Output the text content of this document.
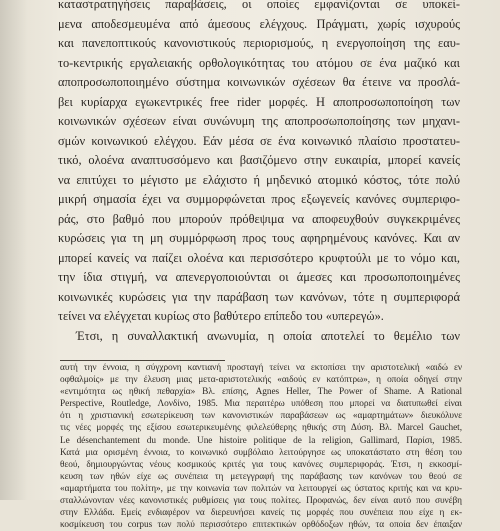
καταστρατηγήσεις παραβάσεις, οι οποίες εμφανίζονται σε υποκεί-
μενα αποδεσμευμένα από άμεσους ελέγχους. Πράγματι, χωρίς ισχυρούς
και πανεποπτικούς κανονιστικούς περιορισμούς, η ενεργοποίηση της εαυ-
το-κεντρικής εργαλειακής ορθολογικότητας του ατόμου σε ένα μαζικό και
αποπροσωποποιημένο σύστημα κοινωνικών σχέσεων θα έτεινε να προσλά-
βει κυρίαρχα εγωκεντρικές free rider μορφές. Η αποπροσωποποίηση των
κοινωνικών σχέσεων είναι συνώνυμη της αποπροσωποποίησης των μηχανι-
σμών κοινωνικού ελέγχου. Εάν μέσα σε ένα κοινωνικό πλαίσιο προστατευ-
τικό, ολοένα αναπτυσσόμενο και βασιζόμενο στην ευκαιρία, μπορεί κανείς
να επιτύχει το μέγιστο με ελάχιστο ή μηδενικό ατομικό κόστος, τότε πολύ
μικρή σημασία έχει να συμμορφώνεται προς εξωγενείς κανόνες συμπεριφο-
ράς, στο βαθμό που μπορούν πρόθεψιμα να αποφευχθούν συγκεκριμένες
κυρώσεις για τη μη συμμόρφωση προς τους αφηρημένους κανόνες. Και αν
μπορεί κανείς να παίζει ολοένα και περισσότερο κρυφτούλι με το νόμο και,
την ίδια στιγμή, να απενεργοποιούνται οι άμεσες και προσωποποιημένες
κοινωνικές κυρώσεις για την παράβαση των κανόνων, τότε η συμπεριφορά
τείνει να ελέγχεται κυρίως στο βαθύτερο επίπεδο του «υπερεγώ».
Έτσι, η συναλλακτική ανωνυμία, η οποία αποτελεί το θεμέλιο των
αυτή την έννοια, η σύγχρονη καντιανή προσταγή τείνει να εκτοπίσει την αριστοτελική «αιδώ εν
οφθαλμοίς» με την έλευση μιας μετα-αριστοτελικής «αιδούς εν κατόπτρω», η οποία οδηγεί στην
«εντιμότητα ως ηθική πεθαρχία» Βλ. επίσης, Agnes Heller, The Power of Shame. A Rational
Perspective, Routledge, Λονδίνο, 1985. Μια περαιτέρω υπόθεση που μπορεί να διατυπωθεί είναι
ότι η χριστιανική εσωτερίκευση των κανονιστικών παραβάσεων ως «αμαρτημάτων» διευκόλυνε
τις νέες μορφές της εξίσου εσωτερικευμένης φιλελεύθερης ηθικής στη Δύση. Βλ. Marcel Gauchet,
Le désenchantement du monde. Une histoire politique de la religion, Gallimard, Παρίσι, 1985.
Κατά μια ορισμένη έννοια, το κοινωνικό συμβόλαιο λειτούργησε ως υποκατάστατο στη θέση του
θεού, δημιουργώντας νέους κοσμικούς κριτές για τους κανόνες συμπεριφοράς. Έτσι, η εκκοσμί-
κευση των ηθών είχε ως συνέπεια τη μετεγγραφή της παράβασης των κανόνων του θεού σε
«αμαρτήματα του πολίτη», με την κοινωνία των πολιτών να λειτουργεί ως ύστατος κριτής και να κρυ-
σταλλώνονταν νέες κανονιστικές ρυθμίσεις για τους πολίτες. Προφανώς, δεν είναι αυτό που συνέβη
στην Ελλάδα. Εμείς ενδιαφέρον να διερευνήσει κανείς τις μορφές που συνέπεια που είχε η εκ-
κοσμίκευση του corpus των πολύ περισσότερο επιτεκτικών ορθόδοξων ηθών, τα οποία δεν έπαιξαν
